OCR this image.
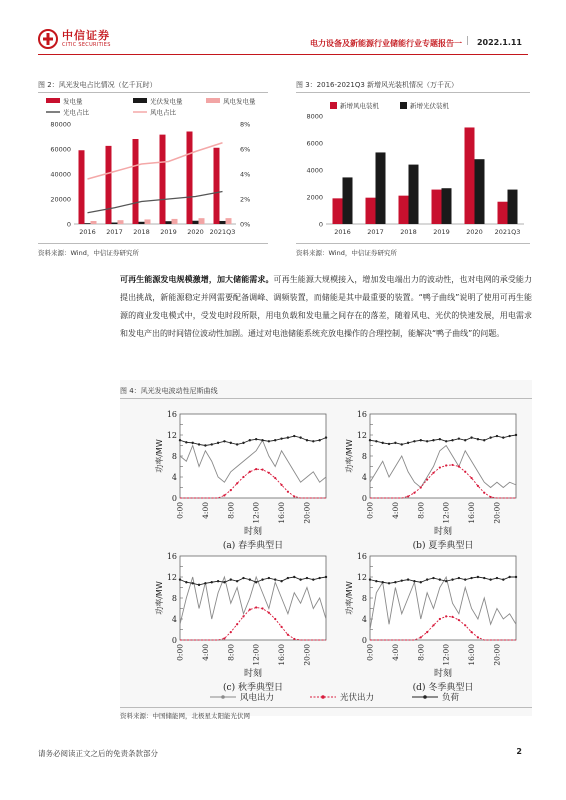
中信证券
CITIC SECURITIES	电力设备及新能源行业储能行业专题报告一 | 2022.1.11
图 2：风光发电占比情况（亿千瓦时）
发电量	光伏发电量	风电发电量
光电占比	风电占比
0
20000
40000
60000
80000
0%
2%
4%
6%
8%
2016 2017 2018 2019 2020 2021Q3
资料来源：Wind，中信证券研究所
图 3：2016-2021Q3 新增风光装机情况（万千瓦）
新增风电装机	新增光伏装机
0
2000
4000
6000
8000
2016	2017	2018	2019	2020 2021Q3
资料来源：Wind，中信证券研究所
可再生能源发电规模激增，加大储能需求。可再生能源大规模接入，增加发电端出力的波动性，也对电网的承受能力提出挑战，新能源稳定并网需要配备调峰、调频装置，而储能是其中最重要的装置。“鸭子曲线”说明了使用可再生能源的商业发电模式中，受发电时段所限，用电负载和发电量之间存在的落差，随着风电、光伏的快速发展，用电需求和发电产出的时间错位波动性加剧。通过对电池储能系统充放电操作的合理控制，能解决“鸭子曲线”的问题。
图 4：风光发电波动性尼斯曲线
0
4
8
12
16
0:00 4:00 8:00 12:00 16:00 20:00
功率/MW
时刻
(a) 春季典型日
0
4
8
12
16
0:00 4:00 8:00 12:00 16:00 20:00
功率/MW
时刻
(b) 夏季典型日
0
4
8
12
16
0:00 4:00 8:00 12:00 16:00 20:00
功率/MW
时刻
(c) 秋季典型日
0
4
8
12
16
0:00 4:00 8:00 12:00 16:00 20:00
功率/MW
时刻
(d) 冬季典型日
风电出力	光伏出力	负荷
资料来源：中国储能网，北极星太阳能光伏网
请务必阅读正文之后的免责条款部分	2
